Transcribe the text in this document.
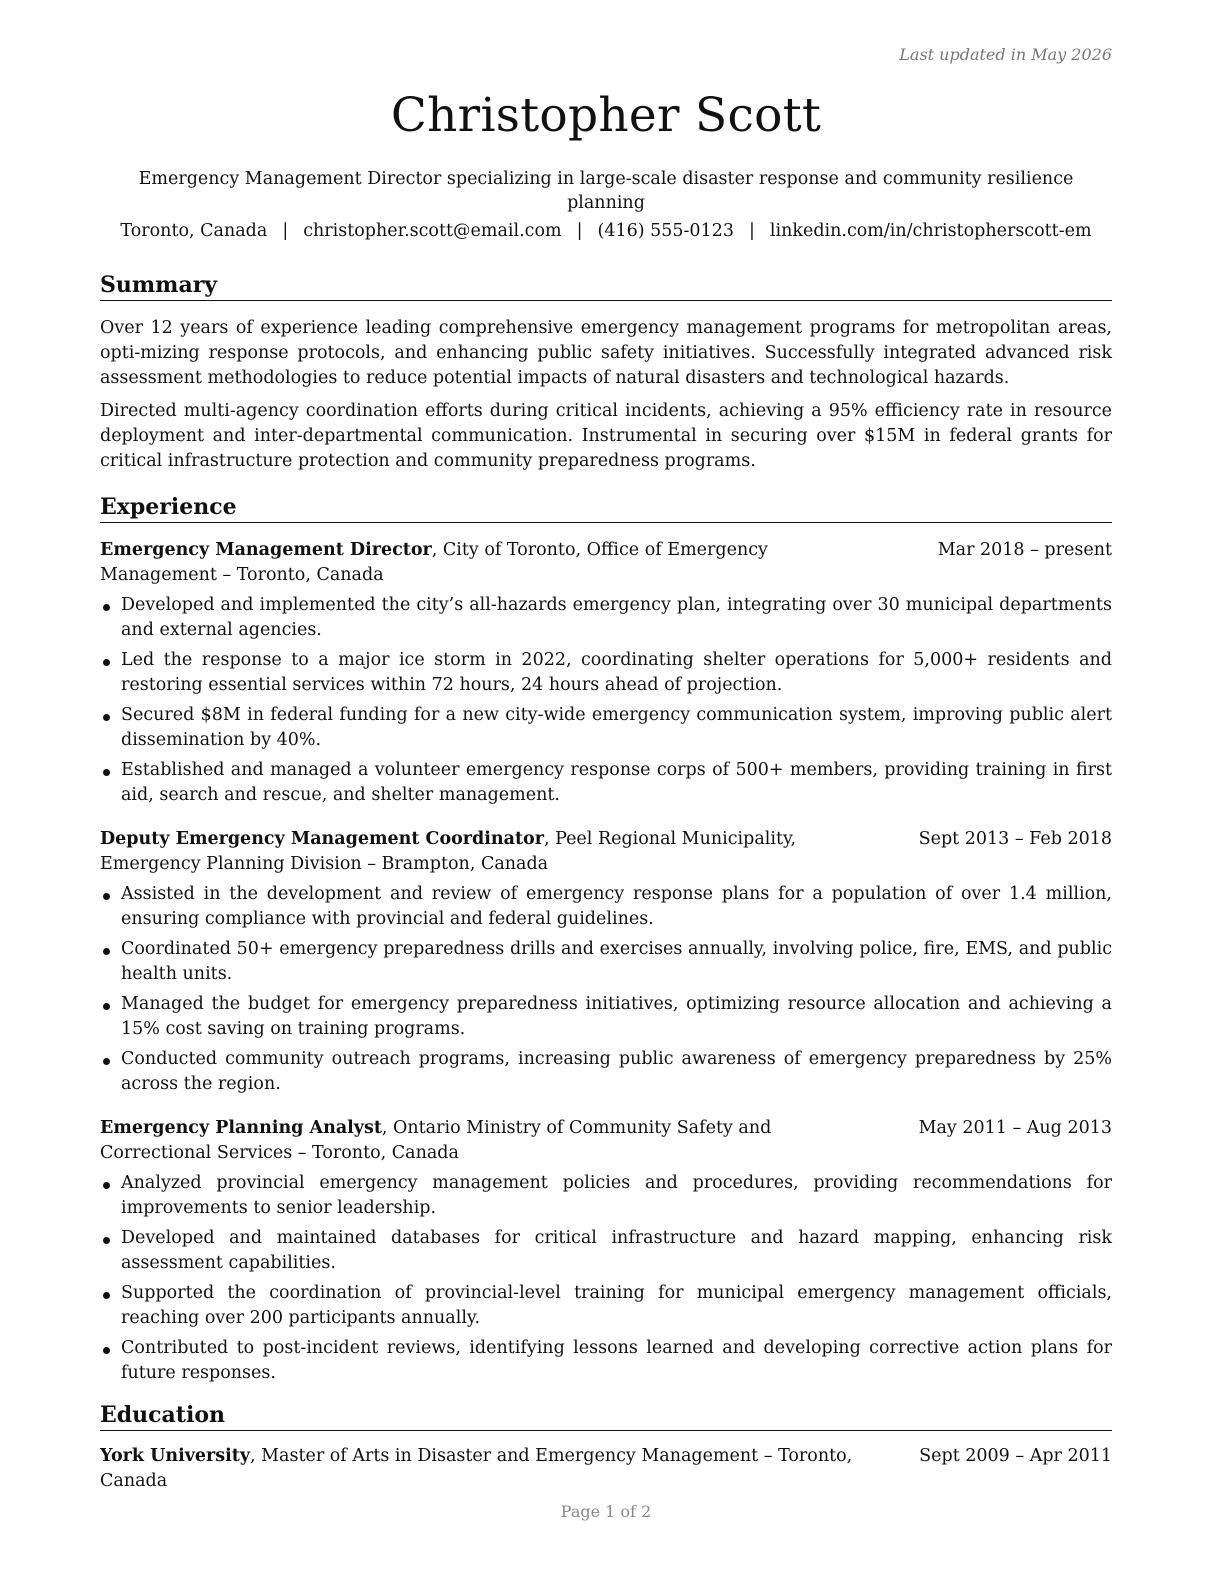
Last updated in May 2026
Christopher Scott
Emergency Management Director specializing in large-scale disaster response and community resilience planning
Toronto, Canada | christopher.scott@email.com | (416) 555-0123 | linkedin.com/in/christopherscott-em
Summary

Over 12 years of experience leading comprehensive emergency management programs for metropolitan areas, opti-mizing response protocols, and enhancing public safety initiatives. Successfully integrated advanced risk assessment methodologies to reduce potential impacts of natural disasters and technological hazards.

Directed multi-agency coordination efforts during critical incidents, achieving a 95% efficiency rate in resource deployment and inter-departmental communication. Instrumental in securing over $15M in federal grants for critical infrastructure protection and community preparedness programs.

Experience
Emergency Management Director, City of Toronto, Office of Emergency Management – Toronto, Canada
Mar 2018 – present
Developed and implemented the city’s all-hazards emergency plan, integrating over 30 municipal departments and external agencies.
Led the response to a major ice storm in 2022, coordinating shelter operations for 5,000+ residents and restoring essential services within 72 hours, 24 hours ahead of projection.
Secured $8M in federal funding for a new city-wide emergency communication system, improving public alert dissemination by 40%.
Established and managed a volunteer emergency response corps of 500+ members, providing training in first aid, search and rescue, and shelter management.
Deputy Emergency Management Coordinator, Peel Regional Municipality, Emergency Planning Division – Brampton, Canada
Sept 2013 – Feb 2018
Assisted in the development and review of emergency response plans for a population of over 1.4 million, ensuring compliance with provincial and federal guidelines.
Coordinated 50+ emergency preparedness drills and exercises annually, involving police, fire, EMS, and public health units.
Managed the budget for emergency preparedness initiatives, optimizing resource allocation and achieving a 15% cost saving on training programs.
Conducted community outreach programs, increasing public awareness of emergency preparedness by 25% across the region.
Emergency Planning Analyst, Ontario Ministry of Community Safety and Correctional Services – Toronto, Canada
May 2011 – Aug 2013
Analyzed provincial emergency management policies and procedures, providing recommendations for improvements to senior leadership.
Developed and maintained databases for critical infrastructure and hazard mapping, enhancing risk assessment capabilities.
Supported the coordination of provincial-level training for municipal emergency management officials, reaching over 200 participants annually.
Contributed to post-incident reviews, identifying lessons learned and developing corrective action plans for future responses.
Education
York University, Master of Arts in Disaster and Emergency Management – Toronto, Canada
Sept 2009 – Apr 2011
Page 1 of 2
